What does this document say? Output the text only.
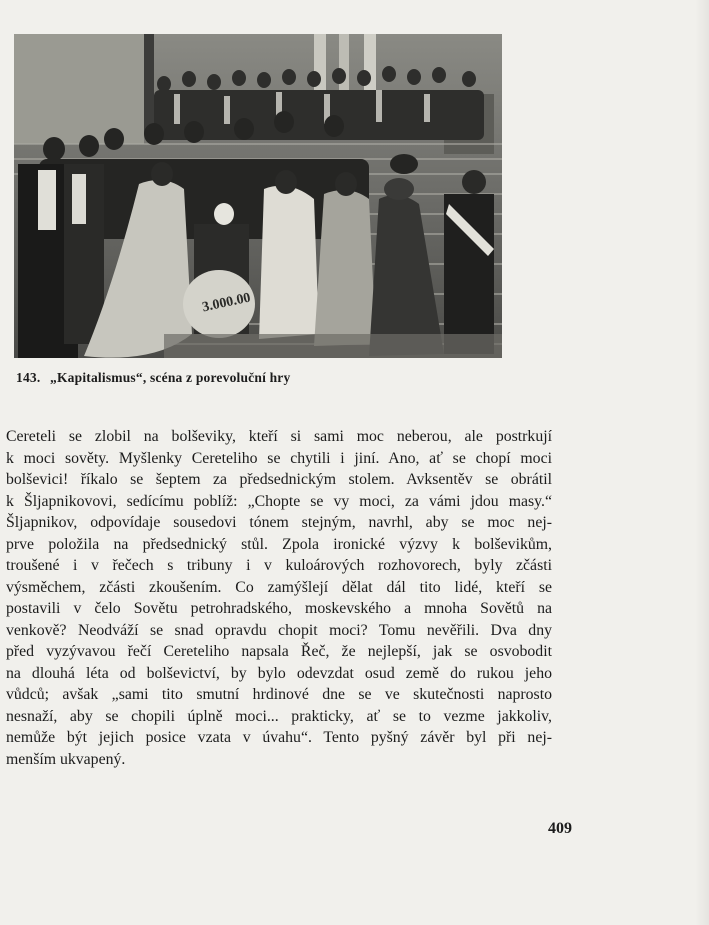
3.000.00
143. „Kapitalismus“, scéna z porevoluční hry
Cereteli se zlobil na bolševiky, kteří si sami moc neberou, ale postrkují
k moci sověty. Myšlenky Cereteliho se chytili i jiní. Ano, ať se chopí moci
bolševici! říkalo se šeptem za předsednickým stolem. Avksentěv se obrátil
k Šljapnikovovi, sedícímu poblíž: „Chopte se vy moci, za vámi jdou masy.“
Šljapnikov, odpovídaje sousedovi tónem stejným, navrhl, aby se moc nej-
prve položila na předsednický stůl. Zpola ironické výzvy k bolševikům,
troušené i v řečech s tribuny i v kuloárových rozhovorech, byly zčásti
výsměchem, zčásti zkoušením. Co zamýšlejí dělat dál tito lidé, kteří se
postavili v čelo Sovětu petrohradského, moskevského a mnoha Sovětů na
venkově? Neodváží se snad opravdu chopit moci? Tomu nevěřili. Dva dny
před vyzývavou řečí Cereteliho napsala Řeč, že nejlepší, jak se osvobodit
na dlouhá léta od bolševictví, by bylo odevzdat osud země do rukou jeho
vůdců; avšak „sami tito smutní hrdinové dne se ve skutečnosti naprosto
nesnaží, aby se chopili úplně moci... prakticky, ať se to vezme jakkoliv,
nemůže být jejich posice vzata v úvahu“. Tento pyšný závěr byl při nej-
menším ukvapený.
409
